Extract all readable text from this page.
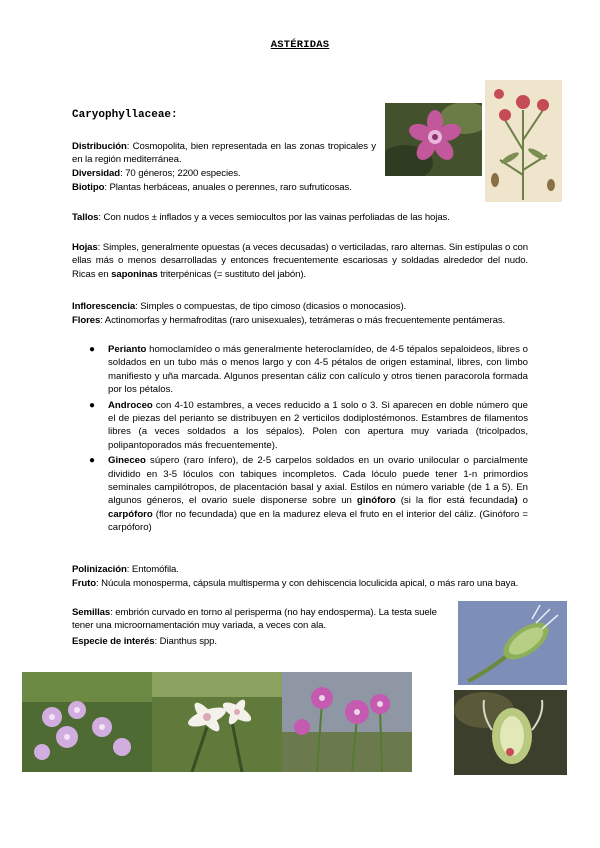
ASTÉRIDAS
Caryophyllaceae:
Distribución: Cosmopolita, bien representada en las zonas tropicales y en la región mediterránea.
Diversidad: 70 géneros; 2200 especies.
Biotipo: Plantas herbáceas, anuales o perennes, raro sufruticosas.
Tallos: Con nudos ± inflados y a veces semiocultos por las vainas perfoliadas de las hojas.
Hojas: Simples, generalmente opuestas (a veces decusadas) o verticiladas, raro alternas. Sin estípulas o con ellas más o menos desarrolladas y entonces frecuentemente escariosas y soldadas alrededor del nudo. Ricas en saponinas triterpénicas (= sustituto del jabón).
Inflorescencia: Simples o compuestas, de tipo cimoso (dicasios o monocasios).
Flores: Actinomorfas y hermafroditas (raro unisexuales), tetrámeras o más frecuentemente pentámeras.
● Perianto homoclamídeo o más generalmente heteroclamídeo, de 4-5 tépalos sepaloideos, libres o soldados en un tubo más o menos largo y con 4-5 pétalos de origen estaminal, libres, con limbo manifiesto y uña marcada. Algunos presentan cáliz con calículo y otros tienen paracorola formada por los pétalos.
● Androceo con 4-10 estambres, a veces reducido a 1 solo o 3. Si aparecen en doble número que el de piezas del perianto se distribuyen en 2 verticilos dodiplostémonos. Estambres de filamentos libres (a veces soldados a los sépalos). Polen con apertura muy variada (tricolpados, polipantoporados más frecuentemente).
● Gineceo súpero (raro ínfero), de 2-5 carpelos soldados en un ovario unilocular o parcialmente dividido en 3-5 lóculos con tabiques incompletos. Cada lóculo puede tener 1-n primordios seminales campilótropos, de placentación basal y axial. Estilos en número variable (de 1 a 5). En algunos géneros, el ovario suele disponerse sobre un ginóforo (si la flor está fecundada) o carpóforo (flor no fecundada) que en la madurez eleva el fruto en el interior del cáliz. (Ginóforo = carpóforo)
Polinización: Entomófila.
Fruto: Núcula monosperma, cápsula multisperma y con dehiscencia loculicida apical, o más raro una baya.
Semillas: embrión curvado en torno al perisperma (no hay endosperma). La testa suele tener una microornamentación muy variada, a veces con ala.
Especie de interés: Dianthus spp.
